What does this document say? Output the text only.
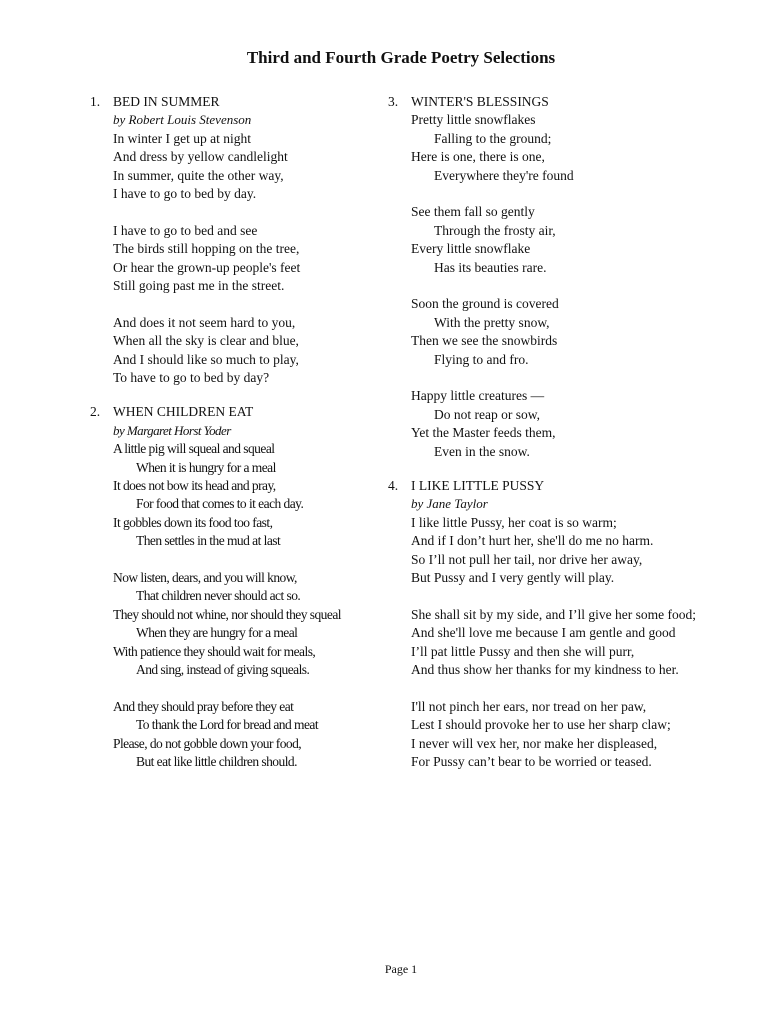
Third and Fourth Grade Poetry Selections
1. BED IN SUMMER
by Robert Louis Stevenson
In winter I get up at night
And dress by yellow candlelight
In summer, quite the other way,
I have to go to bed by day.
I have to go to bed and see
The birds still hopping on the tree,
Or hear the grown-up people's feet
Still going past me in the street.
And does it not seem hard to you,
When all the sky is clear and blue,
And I should like so much to play,
To have to go to bed by day?
2. WHEN CHILDREN EAT
by Margaret Horst Yoder
A little pig will squeal and squeal
When it is hungry for a meal
It does not bow its head and pray,
For food that comes to it each day.
It gobbles down its food too fast,
Then settles in the mud at last
Now listen, dears, and you will know,
That children never should act so.
They should not whine, nor should they squeal
When they are hungry for a meal
With patience they should wait for meals,
And sing, instead of giving squeals.
And they should pray before they eat
To thank the Lord for bread and meat
Please, do not gobble down your food,
But eat like little children should.
3. WINTER'S BLESSINGS
Pretty little snowflakes
Falling to the ground;
Here is one, there is one,
Everywhere they're found
See them fall so gently
Through the frosty air,
Every little snowflake
Has its beauties rare.
Soon the ground is covered
With the pretty snow,
Then we see the snowbirds
Flying to and fro.
Happy little creatures —
Do not reap or sow,
Yet the Master feeds them,
Even in the snow.
4. I LIKE LITTLE PUSSY
by Jane Taylor
I like little Pussy, her coat is so warm;
And if I don’t hurt her, she'll do me no harm.
So I’ll not pull her tail, nor drive her away,
But Pussy and I very gently will play.
She shall sit by my side, and I’ll give her some food;
And she'll love me because I am gentle and good
I’ll pat little Pussy and then she will purr,
And thus show her thanks for my kindness to her.
I'll not pinch her ears, nor tread on her paw,
Lest I should provoke her to use her sharp claw;
I never will vex her, nor make her displeased,
For Pussy can’t bear to be worried or teased.
Page 1
